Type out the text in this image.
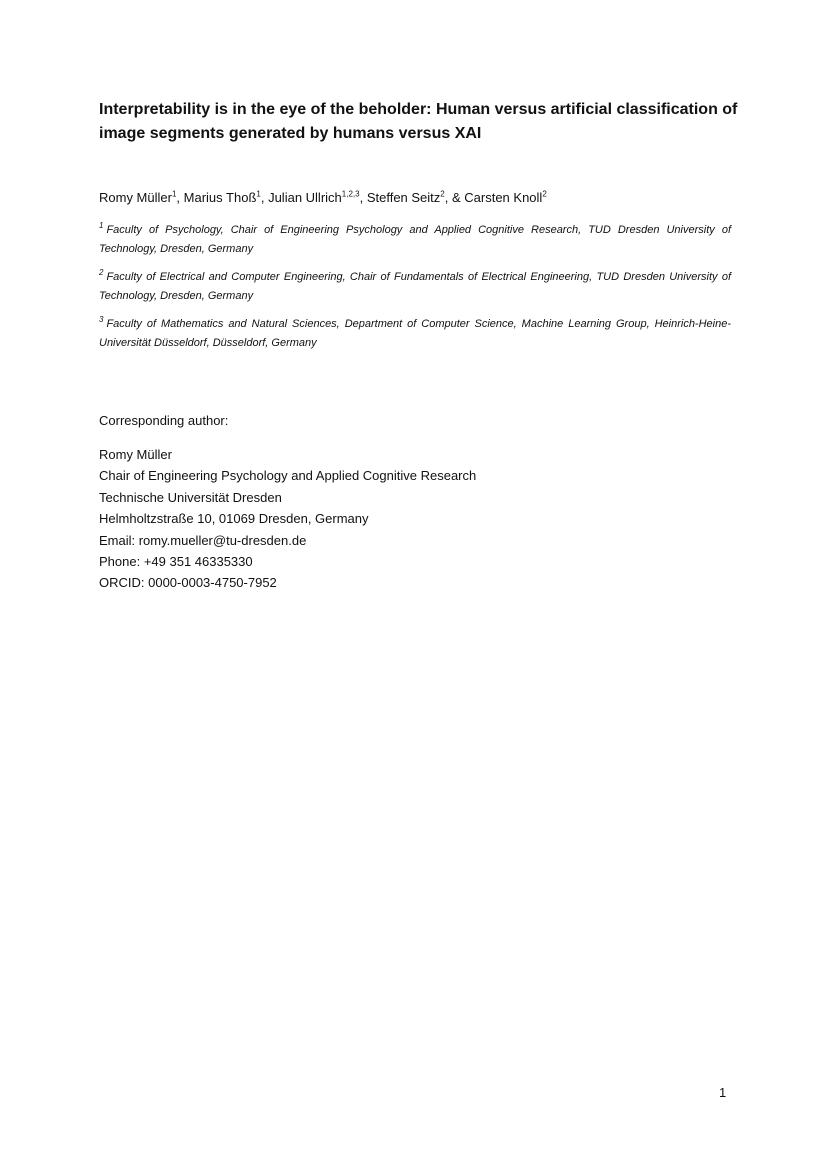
Interpretability is in the eye of the beholder: Human versus artificial classification of image segments generated by humans versus XAI

Romy Müller$^1$, Marius Thoß$^1$, Julian Ullrich$^{1,2,3}$, Steffen Seitz$^2$, & Carsten Knoll$^2$

$^1$ Faculty of Psychology, Chair of Engineering Psychology and Applied Cognitive Research, TUD Dresden University of Technology, Dresden, Germany

$^2$ Faculty of Electrical and Computer Engineering, Chair of Fundamentals of Electrical Engineering, TUD Dresden University of Technology, Dresden, Germany

$^3$ Faculty of Mathematics and Natural Sciences, Department of Computer Science, Machine Learning Group, Heinrich-Heine-Universität Düsseldorf, Düsseldorf, Germany

Corresponding author:

Romy Müller
Chair of Engineering Psychology and Applied Cognitive Research
Technische Universität Dresden
Helmholtzstraße 10, 01069 Dresden, Germany
Email: romy.mueller@tu-dresden.de
Phone: +49 351 46335330
ORCID: 0000-0003-4750-7952
1
